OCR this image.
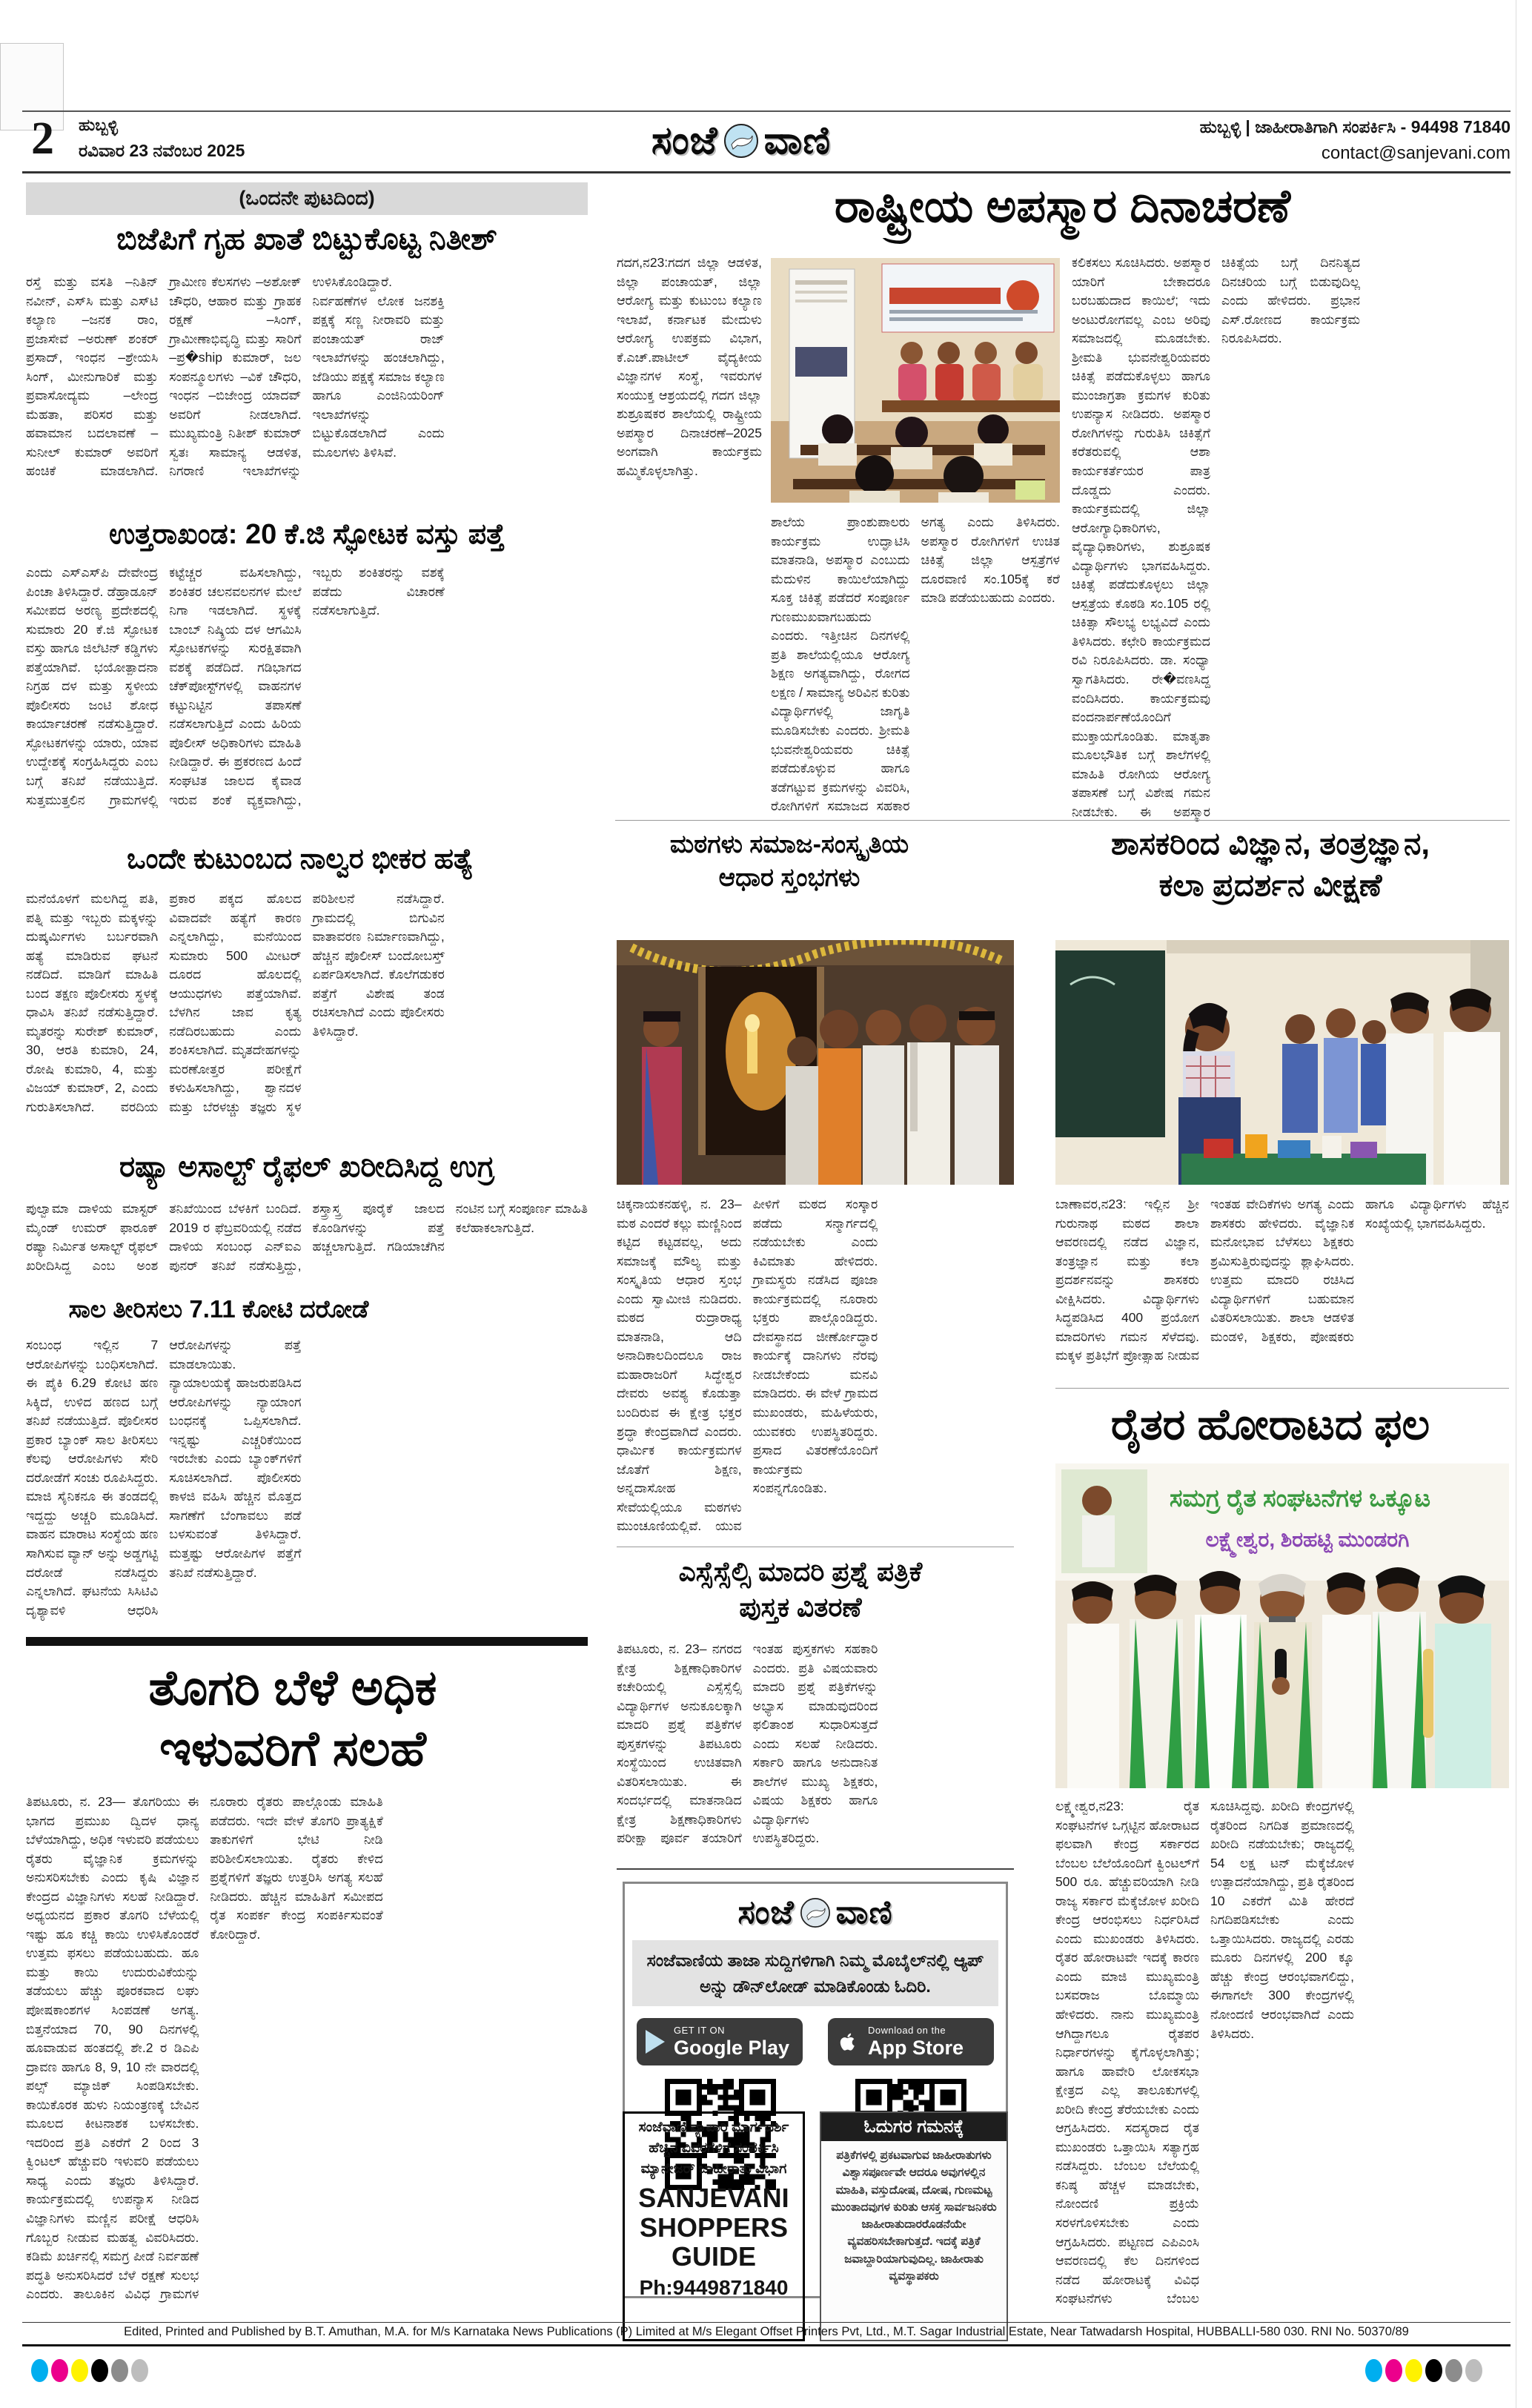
2 ಹುಬ್ಬಳ್ಳಿ
ರವಿವಾರ 23 ನವೆಂಬರ 2025	ಸಂಜೆ ವಾಣಿ	ಹುಬ್ಬಳ್ಳಿ | ಜಾಹೀರಾತಿಗಾಗಿ ಸಂಪರ್ಕಿಸಿ - 94498 71840
contact@sanjevani.com
(ಒಂದನೇ ಪುಟದಿಂದ)
ಬಿಜೆಪಿಗೆ ಗೃಹ ಖಾತೆ ಬಿಟ್ಟುಕೊಟ್ಟ ನಿತೀಶ್
ರಸ್ತೆ ಮತ್ತು ವಸತಿ –ನಿತಿನ್ ನವೀನ್, ಎಸ್‌ಸಿ ಮತ್ತು ಎಸ್‌ಟಿ ಕಲ್ಯಾಣ –ಜನಕ ರಾಂ, ಪ್ರಜಾಸೇವೆ –ಅರುಣ್ ಶಂಕರ್ ಪ್ರಸಾದ್, ಇಂಧನ –ಶ್ರೇಯಸಿ ಸಿಂಗ್, ಮೀನುಗಾರಿಕೆ ಮತ್ತು ಪ್ರವಾಸೋದ್ಯಮ –ಲೇಂದ್ರ ಮೆಹತಾ, ಪರಿಸರ ಮತ್ತು ಹವಾಮಾನ ಬದಲಾವಣೆ –ಸುನೀಲ್ ಕುಮಾರ್ ಅವರಿಗೆ ಹಂಚಿಕೆ ಮಾಡಲಾಗಿದೆ. ಗ್ರಾಮೀಣ ಕೆಲಸಗಳು –ಅಶೋಕ್ ಚೌಧರಿ, ಆಹಾರ ಮತ್ತು ಗ್ರಾಹಕ ರಕ್ಷಣೆ –ಸಿಂಗ್, ಗ್ರಾಮೀಣಾಭಿವೃದ್ಧಿ ಮತ್ತು ಸಾರಿಗೆ –ಪ್ರ�ship ಕುಮಾರ್, ಜಲ ಸಂಪನ್ಮೂಲಗಳು –ವಿಕೆ ಚೌಧರಿ, ಇಂಧನ –ಬಿಜೇಂದ್ರ ಯಾದವ್ ಅವರಿಗೆ ನೀಡಲಾಗಿದೆ. ಮುಖ್ಯಮಂತ್ರಿ ನಿತೀಶ್ ಕುಮಾರ್ ಸ್ವತಃ ಸಾಮಾನ್ಯ ಆಡಳಿತ, ನಿಗರಾಣಿ ಇಲಾಖೆಗಳನ್ನು ಉಳಿಸಿಕೊಂಡಿದ್ದಾರೆ. ನಿರ್ವಹಣೆಗಳ ಲೋಕ ಜನಶಕ್ತಿ ಪಕ್ಷಕ್ಕೆ ಸಣ್ಣ ನೀರಾವರಿ ಮತ್ತು ಪಂಚಾಯತ್ ರಾಜ್ ಇಲಾಖೆಗಳನ್ನು ಹಂಚಲಾಗಿದ್ದು, ಜೆಡಿಯು ಪಕ್ಷಕ್ಕೆ ಸಮಾಜ ಕಲ್ಯಾಣ ಹಾಗೂ ಎಂಜಿನಿಯರಿಂಗ್ ಇಲಾಖೆಗಳನ್ನು ಬಿಟ್ಟುಕೊಡಲಾಗಿದೆ ಎಂದು ಮೂಲಗಳು ತಿಳಿಸಿವೆ.
ಉತ್ತರಾಖಂಡ: 20 ಕೆ.ಜಿ ಸ್ಫೋಟಕ ವಸ್ತು ಪತ್ತೆ
ಎಂದು ಎಸ್‌ಎಸ್‌ಪಿ ದೇವೇಂದ್ರ ಪಿಂಚಾ ತಿಳಿಸಿದ್ದಾರೆ. ಡೆಹ್ರಾಡೂನ್ ಸಮೀಪದ ಅರಣ್ಯ ಪ್ರದೇಶದಲ್ಲಿ ಸುಮಾರು 20 ಕೆ.ಜಿ ಸ್ಫೋಟಕ ವಸ್ತು ಹಾಗೂ ಜಿಲೆಟಿನ್ ಕಡ್ಡಿಗಳು ಪತ್ತೆಯಾಗಿವೆ. ಭಯೋತ್ಪಾದನಾ ನಿಗ್ರಹ ದಳ ಮತ್ತು ಸ್ಥಳೀಯ ಪೊಲೀಸರು ಜಂಟಿ ಶೋಧ ಕಾರ್ಯಾಚರಣೆ ನಡೆಸುತ್ತಿದ್ದಾರೆ. ಸ್ಫೋಟಕಗಳನ್ನು ಯಾರು, ಯಾವ ಉದ್ದೇಶಕ್ಕೆ ಸಂಗ್ರಹಿಸಿದ್ದರು ಎಂಬ ಬಗ್ಗೆ ತನಿಖೆ ನಡೆಯುತ್ತಿದೆ. ಸುತ್ತಮುತ್ತಲಿನ ಗ್ರಾಮಗಳಲ್ಲಿ ಕಟ್ಟೆಚ್ಚರ ವಹಿಸಲಾಗಿದ್ದು, ಶಂಕಿತರ ಚಲನವಲನಗಳ ಮೇಲೆ ನಿಗಾ ಇಡಲಾಗಿದೆ. ಸ್ಥಳಕ್ಕೆ ಬಾಂಬ್ ನಿಷ್ಕ್ರಿಯ ದಳ ಆಗಮಿಸಿ ಸ್ಫೋಟಕಗಳನ್ನು ಸುರಕ್ಷಿತವಾಗಿ ವಶಕ್ಕೆ ಪಡೆದಿದೆ. ಗಡಿಭಾಗದ ಚೆಕ್‌ಪೋಸ್ಟ್‌ಗಳಲ್ಲಿ ವಾಹನಗಳ ಕಟ್ಟುನಿಟ್ಟಿನ ತಪಾಸಣೆ ನಡೆಸಲಾಗುತ್ತಿದೆ ಎಂದು ಹಿರಿಯ ಪೊಲೀಸ್ ಅಧಿಕಾರಿಗಳು ಮಾಹಿತಿ ನೀಡಿದ್ದಾರೆ. ಈ ಪ್ರಕರಣದ ಹಿಂದೆ ಸಂಘಟಿತ ಜಾಲದ ಕೈವಾಡ ಇರುವ ಶಂಕೆ ವ್ಯಕ್ತವಾಗಿದ್ದು, ಇಬ್ಬರು ಶಂಕಿತರನ್ನು ವಶಕ್ಕೆ ಪಡೆದು ವಿಚಾರಣೆ ನಡೆಸಲಾಗುತ್ತಿದೆ.
ಒಂದೇ ಕುಟುಂಬದ ನಾಲ್ವರ ಭೀಕರ ಹತ್ಯೆ
ಮನೆಯೊಳಗೆ ಮಲಗಿದ್ದ ಪತಿ, ಪತ್ನಿ ಮತ್ತು ಇಬ್ಬರು ಮಕ್ಕಳನ್ನು ದುಷ್ಕರ್ಮಿಗಳು ಬರ್ಬರವಾಗಿ ಹತ್ಯೆ ಮಾಡಿರುವ ಘಟನೆ ನಡೆದಿದೆ. ಮಾಡಿಗೆ ಮಾಹಿತಿ ಬಂದ ತಕ್ಷಣ ಪೊಲೀಸರು ಸ್ಥಳಕ್ಕೆ ಧಾವಿಸಿ ತನಿಖೆ ನಡೆಸುತ್ತಿದ್ದಾರೆ. ಮೃತರನ್ನು ಸುರೇಶ್ ಕುಮಾರ್, 30, ಆರತಿ ಕುಮಾರಿ, 24, ರೋಷಿ ಕುಮಾರಿ, 4, ಮತ್ತು ವಿಜಯ್ ಕುಮಾರ್, 2, ಎಂದು ಗುರುತಿಸಲಾಗಿದೆ. ವರದಿಯ ಪ್ರಕಾರ ಪಕ್ಕದ ಹೊಲದ ವಿವಾದವೇ ಹತ್ಯೆಗೆ ಕಾರಣ ಎನ್ನಲಾಗಿದ್ದು, ಮನೆಯಿಂದ ಸುಮಾರು 500 ಮೀಟರ್ ದೂರದ ಹೊಲದಲ್ಲಿ ಆಯುಧಗಳು ಪತ್ತೆಯಾಗಿವೆ. ಬೆಳಗಿನ ಜಾವ ಕೃತ್ಯ ನಡೆದಿರಬಹುದು ಎಂದು ಶಂಕಿಸಲಾಗಿದೆ. ಮೃತದೇಹಗಳನ್ನು ಮರಣೋತ್ತರ ಪರೀಕ್ಷೆಗೆ ಕಳುಹಿಸಲಾಗಿದ್ದು, ಶ್ವಾನದಳ ಮತ್ತು ಬೆರಳಚ್ಚು ತಜ್ಞರು ಸ್ಥಳ ಪರಿಶೀಲನೆ ನಡೆಸಿದ್ದಾರೆ. ಗ್ರಾಮದಲ್ಲಿ ಬಿಗುವಿನ ವಾತಾವರಣ ನಿರ್ಮಾಣವಾಗಿದ್ದು, ಹೆಚ್ಚಿನ ಪೊಲೀಸ್ ಬಂದೋಬಸ್ತ್ ಏರ್ಪಡಿಸಲಾಗಿದೆ. ಕೊಲೆಗಡುಕರ ಪತ್ತೆಗೆ ವಿಶೇಷ ತಂಡ ರಚಿಸಲಾಗಿದೆ ಎಂದು ಪೊಲೀಸರು ತಿಳಿಸಿದ್ದಾರೆ.
ರಷ್ಯಾ ಅಸಾಲ್ಟ್ ರೈಫಲ್ ಖರೀದಿಸಿದ್ದ ಉಗ್ರ
ಪುಲ್ವಾಮಾ ದಾಳಿಯ ಮಾಸ್ಟರ್ ಮೈಂಡ್ ಉಮರ್ ಫಾರೂಕ್ ರಷ್ಯಾ ನಿರ್ಮಿತ ಅಸಾಲ್ಟ್ ರೈಫಲ್ ಖರೀದಿಸಿದ್ದ ಎಂಬ ಅಂಶ ತನಿಖೆಯಿಂದ ಬೆಳಕಿಗೆ ಬಂದಿದೆ. 2019 ರ ಫೆಬ್ರವರಿಯಲ್ಲಿ ನಡೆದ ದಾಳಿಯ ಸಂಬಂಧ ಎನ್‌ಐಎ ಪುನರ್ ತನಿಖೆ ನಡೆಸುತ್ತಿದ್ದು, ಶಸ್ತ್ರಾಸ್ತ್ರ ಪೂರೈಕೆ ಜಾಲದ ಕೊಂಡಿಗಳನ್ನು ಪತ್ತೆ ಹಚ್ಚಲಾಗುತ್ತಿದೆ. ಗಡಿಯಾಚೆಗಿನ ನಂಟಿನ ಬಗ್ಗೆ ಸಂಪೂರ್ಣ ಮಾಹಿತಿ ಕಲೆಹಾಕಲಾಗುತ್ತಿದೆ.
ಸಾಲ ತೀರಿಸಲು 7.11 ಕೋಟಿ ದರೋಡೆ
ಸಂಬಂಧ ಇಲ್ಲಿನ 7 ಆರೋಪಿಗಳನ್ನು ಬಂಧಿಸಲಾಗಿದೆ. ಈ ಪೈಕಿ 6.29 ಕೋಟಿ ಹಣ ಸಿಕ್ಕಿದೆ, ಉಳಿದ ಹಣದ ಬಗ್ಗೆ ತನಿಖೆ ನಡೆಯುತ್ತಿದೆ. ಪೊಲೀಸರ ಪ್ರಕಾರ ಬ್ಯಾಂಕ್ ಸಾಲ ತೀರಿಸಲು ಕೆಲವು ಆರೋಪಿಗಳು ಸೇರಿ ದರೋಡೆಗೆ ಸಂಚು ರೂಪಿಸಿದ್ದರು. ಮಾಜಿ ಸೈನಿಕನೂ ಈ ತಂಡದಲ್ಲಿ ಇದ್ದದ್ದು ಅಚ್ಚರಿ ಮೂಡಿಸಿದೆ. ವಾಹನ ಮಾರಾಟ ಸಂಸ್ಥೆಯ ಹಣ ಸಾಗಿಸುವ ವ್ಯಾನ್ ಅನ್ನು ಅಡ್ಡಗಟ್ಟಿ ದರೋಡೆ ನಡೆಸಿದ್ದರು ಎನ್ನಲಾಗಿದೆ. ಘಟನೆಯ ಸಿಸಿಟಿವಿ ದೃಶ್ಯಾವಳಿ ಆಧರಿಸಿ ಆರೋಪಿಗಳನ್ನು ಪತ್ತೆ ಮಾಡಲಾಯಿತು. ನ್ಯಾಯಾಲಯಕ್ಕೆ ಹಾಜರುಪಡಿಸಿದ ಆರೋಪಿಗಳನ್ನು ನ್ಯಾಯಾಂಗ ಬಂಧನಕ್ಕೆ ಒಪ್ಪಿಸಲಾಗಿದೆ. ಇನ್ನಷ್ಟು ಎಚ್ಚರಿಕೆಯಿಂದ ಇರಬೇಕು ಎಂದು ಬ್ಯಾಂಕ್‌ಗಳಿಗೆ ಸೂಚಿಸಲಾಗಿದೆ. ಪೊಲೀಸರು ಕಾಳಜಿ ವಹಿಸಿ ಹೆಚ್ಚಿನ ಮೊತ್ತದ ಸಾಗಣೆಗೆ ಬೆಂಗಾವಲು ಪಡೆ ಬಳಸುವಂತೆ ತಿಳಿಸಿದ್ದಾರೆ. ಮತ್ತಷ್ಟು ಆರೋಪಿಗಳ ಪತ್ತೆಗೆ ತನಿಖೆ ನಡೆಸುತ್ತಿದ್ದಾರೆ.
ತೊಗರಿ ಬೆಳೆ ಅಧಿಕ
ಇಳುವರಿಗೆ ಸಲಹೆ
ತಿಪಟೂರು, ನ. 23— ತೊಗರಿಯು ಈ ಭಾಗದ ಪ್ರಮುಖ ದ್ವಿದಳ ಧಾನ್ಯ ಬೆಳೆಯಾಗಿದ್ದು, ಅಧಿಕ ಇಳುವರಿ ಪಡೆಯಲು ರೈತರು ವೈಜ್ಞಾನಿಕ ಕ್ರಮಗಳನ್ನು ಅನುಸರಿಸಬೇಕು ಎಂದು ಕೃಷಿ ವಿಜ್ಞಾನ ಕೇಂದ್ರದ ವಿಜ್ಞಾನಿಗಳು ಸಲಹೆ ನೀಡಿದ್ದಾರೆ. ಅಧ್ಯಯನದ ಪ್ರಕಾರ ತೊಗರಿ ಬೆಳೆಯಲ್ಲಿ ಇಷ್ಟು ಹೂ ಕಚ್ಚಿ ಕಾಯಿ ಉಳಿಸಿಕೊಂಡರೆ ಉತ್ತಮ ಫಸಲು ಪಡೆಯಬಹುದು. ಹೂ ಮತ್ತು ಕಾಯಿ ಉದುರುವಿಕೆಯನ್ನು ತಡೆಯಲು ಹೆಚ್ಚು ಪೂರಕವಾದ ಲಘು ಪೋಷಕಾಂಶಗಳ ಸಿಂಪಡಣೆ ಅಗತ್ಯ. ಬಿತ್ತನೆಯಾದ 70, 90 ದಿನಗಳಲ್ಲಿ ಹೂವಾಡುವ ಹಂತದಲ್ಲಿ ಶೇ.2 ರ ಡಿಎಪಿ ದ್ರಾವಣ ಹಾಗೂ 8, 9, 10 ನೇ ವಾರದಲ್ಲಿ ಪಲ್ಸ್ ಮ್ಯಾಜಿಕ್ ಸಿಂಪಡಿಸಬೇಕು. ಕಾಯಿಕೊರಕ ಹುಳು ನಿಯಂತ್ರಣಕ್ಕೆ ಬೇವಿನ ಮೂಲದ ಕೀಟನಾಶಕ ಬಳಸಬೇಕು. ಇದರಿಂದ ಪ್ರತಿ ಎಕರೆಗೆ 2 ರಿಂದ 3 ಕ್ವಿಂಟಲ್ ಹೆಚ್ಚುವರಿ ಇಳುವರಿ ಪಡೆಯಲು ಸಾಧ್ಯ ಎಂದು ತಜ್ಞರು ತಿಳಿಸಿದ್ದಾರೆ. ಕಾರ್ಯಕ್ರಮದಲ್ಲಿ ಉಪನ್ಯಾಸ ನೀಡಿದ ವಿಜ್ಞಾನಿಗಳು ಮಣ್ಣಿನ ಪರೀಕ್ಷೆ ಆಧರಿಸಿ ಗೊಬ್ಬರ ನೀಡುವ ಮಹತ್ವ ವಿವರಿಸಿದರು. ಕಡಿಮೆ ಖರ್ಚಿನಲ್ಲಿ ಸಮಗ್ರ ಪೀಡೆ ನಿರ್ವಹಣೆ ಪದ್ಧತಿ ಅನುಸರಿಸಿದರೆ ಬೆಳೆ ರಕ್ಷಣೆ ಸುಲಭ ಎಂದರು. ತಾಲೂಕಿನ ವಿವಿಧ ಗ್ರಾಮಗಳ ನೂರಾರು ರೈತರು ಪಾಲ್ಗೊಂಡು ಮಾಹಿತಿ ಪಡೆದರು. ಇದೇ ವೇಳೆ ತೊಗರಿ ಪ್ರಾತ್ಯಕ್ಷಿಕೆ ತಾಕುಗಳಿಗೆ ಭೇಟಿ ನೀಡಿ ಪರಿಶೀಲಿಸಲಾಯಿತು. ರೈತರು ಕೇಳಿದ ಪ್ರಶ್ನೆಗಳಿಗೆ ತಜ್ಞರು ಉತ್ತರಿಸಿ ಅಗತ್ಯ ಸಲಹೆ ನೀಡಿದರು. ಹೆಚ್ಚಿನ ಮಾಹಿತಿಗೆ ಸಮೀಪದ ರೈತ ಸಂಪರ್ಕ ಕೇಂದ್ರ ಸಂಪರ್ಕಿಸುವಂತೆ ಕೋರಿದ್ದಾರೆ.
ರಾಷ್ಟ್ರೀಯ ಅಪಸ್ಮಾರ ದಿನಾಚರಣೆ
ಗದಗ,ನ23:ಗದಗ ಜಿಲ್ಲಾ ಆಡಳಿತ, ಜಿಲ್ಲಾ ಪಂಚಾಯತ್, ಜಿಲ್ಲಾ ಆರೋಗ್ಯ ಮತ್ತು ಕುಟುಂಬ ಕಲ್ಯಾಣ ಇಲಾಖೆ, ಕರ್ನಾಟಕ ಮೇದುಳು ಆರೋಗ್ಯ ಉಪಕ್ರಮ ವಿಭಾಗ, ಕೆ.ಎಚ್.ಪಾಟೀಲ್ ವೈದ್ಯಕೀಯ ವಿಜ್ಞಾನಗಳ ಸಂಸ್ಥೆ, ಇವರುಗಳ ಸಂಯುಕ್ತ ಆಶ್ರಯದಲ್ಲಿ ಗದಗ ಜಿಲ್ಲಾ ಶುಶ್ರೂಷಕರ ಶಾಲೆಯಲ್ಲಿ ರಾಷ್ಟ್ರೀಯ ಅಪಸ್ಮಾರ ದಿನಾಚರಣೆ–2025 ಅಂಗವಾಗಿ ಕಾರ್ಯಕ್ರಮ ಹಮ್ಮಿಕೊಳ್ಳಲಾಗಿತ್ತು.
ಶಾಲೆಯ ಪ್ರಾಂಶುಪಾಲರು ಕಾರ್ಯಕ್ರಮ ಉದ್ಘಾಟಿಸಿ ಮಾತನಾಡಿ, ಅಪಸ್ಮಾರ ಎಂಬುದು ಮೆದುಳಿನ ಕಾಯಿಲೆಯಾಗಿದ್ದು ಸೂಕ್ತ ಚಿಕಿತ್ಸೆ ಪಡೆದರೆ ಸಂಪೂರ್ಣ ಗುಣಮುಖವಾಗಬಹುದು ಎಂದರು. ಇತ್ತೀಚಿನ ದಿನಗಳಲ್ಲಿ ಪ್ರತಿ ಶಾಲೆಯಲ್ಲಿಯೂ ಆರೋಗ್ಯ ಶಿಕ್ಷಣ ಅಗತ್ಯವಾಗಿದ್ದು, ರೋಗದ ಲಕ್ಷಣ / ಸಾಮಾನ್ಯ ಅರಿವಿನ ಕುರಿತು ವಿದ್ಯಾರ್ಥಿಗಳಲ್ಲಿ ಜಾಗೃತಿ ಮೂಡಿಸಬೇಕು ಎಂದರು. ಶ್ರೀಮತಿ ಭುವನೇಶ್ವರಿಯವರು ಚಿಕಿತ್ಸೆ ಪಡೆದುಕೊಳ್ಳುವ ಹಾಗೂ ತಡೆಗಟ್ಟುವ ಕ್ರಮಗಳನ್ನು ವಿವರಿಸಿ, ರೋಗಿಗಳಿಗೆ ಸಮಾಜದ ಸಹಕಾರ ಅಗತ್ಯ ಎಂದು ತಿಳಿಸಿದರು. ಅಪಸ್ಮಾರ ರೋಗಿಗಳಿಗೆ ಉಚಿತ ಚಿಕಿತ್ಸೆ ಜಿಲ್ಲಾ ಆಸ್ಪತ್ರೆಗಳ ದೂರವಾಣಿ ಸಂ.105ಕ್ಕೆ ಕರೆ ಮಾಡಿ ಪಡೆಯಬಹುದು ಎಂದರು.
ಕಲಿಕಸಲು ಸೂಚಿಸಿದರು. ಅಪಸ್ಮಾರ ಯಾರಿಗೆ ಬೇಕಾದರೂ ಬರಬಹುದಾದ ಕಾಯಿಲೆ; ಇದು ಅಂಟುರೋಗವಲ್ಲ ಎಂಬ ಅರಿವು ಸಮಾಜದಲ್ಲಿ ಮೂಡಬೇಕು. ಶ್ರೀಮತಿ ಭುವನೇಶ್ವರಿಯವರು ಚಿಕಿತ್ಸೆ ಪಡೆದುಕೊಳ್ಳಲು ಹಾಗೂ ಮುಂಜಾಗ್ರತಾ ಕ್ರಮಗಳ ಕುರಿತು ಉಪನ್ಯಾಸ ನೀಡಿದರು. ಅಪಸ್ಮಾರ ರೋಗಿಗಳನ್ನು ಗುರುತಿಸಿ ಚಿಕಿತ್ಸೆಗೆ ಕರೆತರುವಲ್ಲಿ ಆಶಾ ಕಾರ್ಯಕರ್ತೆಯರ ಪಾತ್ರ ದೊಡ್ಡದು ಎಂದರು. ಕಾರ್ಯಕ್ರಮದಲ್ಲಿ ಜಿಲ್ಲಾ ಆರೋಗ್ಯಾಧಿಕಾರಿಗಳು, ವೈದ್ಯಾಧಿಕಾರಿಗಳು, ಶುಶ್ರೂಷಕ ವಿದ್ಯಾರ್ಥಿಗಳು ಭಾಗವಹಿಸಿದ್ದರು. ಚಿಕಿತ್ಸೆ ಪಡೆದುಕೊಳ್ಳಲು ಜಿಲ್ಲಾ ಆಸ್ಪತ್ರೆಯ ಕೊಠಡಿ ಸಂ.105 ರಲ್ಲಿ ಚಿಕಿತ್ಸಾ ಸೌಲಭ್ಯ ಲಭ್ಯವಿದೆ ಎಂದು ತಿಳಿಸಿದರು. ಕಛೇರಿ ಕಾರ್ಯಕ್ರಮದ ರವಿ ನಿರೂಪಿಸಿದರು. ಡಾ. ಸಂಧ್ಯಾ ಸ್ವಾಗತಿಸಿದರು. ರೇ�ವಣಸಿದ್ದ ವಂದಿಸಿದರು. ಕಾರ್ಯಕ್ರಮವು ವಂದನಾರ್ಪಣೆಯೊಂದಿಗೆ ಮುಕ್ತಾಯಗೊಂಡಿತು. ಮಾತೃತಾ ಮೂಲಭೌತಿಕ ಬಗ್ಗೆ ಶಾಲೆಗಳಲ್ಲಿ ಮಾಹಿತಿ ರೋಗಿಯ ಆರೋಗ್ಯ ತಪಾಸಣೆ ಬಗ್ಗೆ ವಿಶೇಷ ಗಮನ ನೀಡಬೇಕು. ಈ ಅಪಸ್ಮಾರ ಚಿಕಿತ್ಸೆಯ ಬಗ್ಗೆ ದಿನನಿತ್ಯದ ದಿನಚರಿಯ ಬಗ್ಗೆ ಬಿಡುವುದಿಲ್ಲ ಎಂದು ಹೇಳಿದರು. ಪ್ರಭಾನ ಎಸ್.ರೋಣದ ಕಾರ್ಯಕ್ರಮ ನಿರೂಪಿಸಿದರು.
ಮಠಗಳು ಸಮಾಜ-ಸಂಸ್ಕೃತಿಯ
ಆಧಾರ ಸ್ತಂಭಗಳು
ಚಿಕ್ಕನಾಯಕನಹಳ್ಳಿ, ನ. 23– ಮಠ ಎಂದರೆ ಕಲ್ಲು ಮಣ್ಣಿನಿಂದ ಕಟ್ಟಿದ ಕಟ್ಟಡವಲ್ಲ, ಅದು ಸಮಾಜಕ್ಕೆ ಮೌಲ್ಯ ಮತ್ತು ಸಂಸ್ಕೃತಿಯ ಆಧಾರ ಸ್ತಂಭ ಎಂದು ಸ್ವಾಮೀಜಿ ನುಡಿದರು. ಮಠದ ರುದ್ರಾರಾಧ್ಯ ಮಾತನಾಡಿ, ಆದಿ ಅನಾದಿಕಾಲದಿಂದಲೂ ರಾಜ ಮಹಾರಾಜರಿಗೆ ಸಿದ್ಧೇಶ್ವರ ದೇವರು ಅವಶ್ಯ ಕೊಡುತ್ತಾ ಬಂದಿರುವ ಈ ಕ್ಷೇತ್ರ ಭಕ್ತರ ಶ್ರದ್ಧಾ ಕೇಂದ್ರವಾಗಿದೆ ಎಂದರು. ಧಾರ್ಮಿಕ ಕಾರ್ಯಕ್ರಮಗಳ ಜೊತೆಗೆ ಶಿಕ್ಷಣ, ಅನ್ನದಾಸೋಹ ಸೇವೆಯಲ್ಲಿಯೂ ಮಠಗಳು ಮುಂಚೂಣಿಯಲ್ಲಿವೆ. ಯುವ ಪೀಳಿಗೆ ಮಠದ ಸಂಸ್ಕಾರ ಪಡೆದು ಸನ್ಮಾರ್ಗದಲ್ಲಿ ನಡೆಯಬೇಕು ಎಂದು ಕಿವಿಮಾತು ಹೇಳಿದರು. ಗ್ರಾಮಸ್ಥರು ನಡೆಸಿದ ಪೂಜಾ ಕಾರ್ಯಕ್ರಮದಲ್ಲಿ ನೂರಾರು ಭಕ್ತರು ಪಾಲ್ಗೊಂಡಿದ್ದರು. ದೇವಸ್ಥಾನದ ಜೀರ್ಣೋದ್ಧಾರ ಕಾರ್ಯಕ್ಕೆ ದಾನಿಗಳು ನೆರವು ನೀಡಬೇಕೆಂದು ಮನವಿ ಮಾಡಿದರು. ಈ ವೇಳೆ ಗ್ರಾಮದ ಮುಖಂಡರು, ಮಹಿಳೆಯರು, ಯುವಕರು ಉಪಸ್ಥಿತರಿದ್ದರು. ಪ್ರಸಾದ ವಿತರಣೆಯೊಂದಿಗೆ ಕಾರ್ಯಕ್ರಮ ಸಂಪನ್ನಗೊಂಡಿತು.
ಎಸ್ಸೆಸ್ಸೆಲ್ಸಿ ಮಾದರಿ ಪ್ರಶ್ನೆ ಪತ್ರಿಕೆ
ಪುಸ್ತಕ ವಿತರಣೆ
ತಿಪಟೂರು, ನ. 23– ನಗರದ ಕ್ಷೇತ್ರ ಶಿಕ್ಷಣಾಧಿಕಾರಿಗಳ ಕಚೇರಿಯಲ್ಲಿ ಎಸ್ಸೆಸ್ಸೆಲ್ಸಿ ವಿದ್ಯಾರ್ಥಿಗಳ ಅನುಕೂಲಕ್ಕಾಗಿ ಮಾದರಿ ಪ್ರಶ್ನೆ ಪತ್ರಿಕೆಗಳ ಪುಸ್ತಕಗಳನ್ನು ತಿಪಟೂರು ಸಂಸ್ಥೆಯಿಂದ ಉಚಿತವಾಗಿ ವಿತರಿಸಲಾಯಿತು. ಈ ಸಂದರ್ಭದಲ್ಲಿ ಮಾತನಾಡಿದ ಕ್ಷೇತ್ರ ಶಿಕ್ಷಣಾಧಿಕಾರಿಗಳು ಪರೀಕ್ಷಾ ಪೂರ್ವ ತಯಾರಿಗೆ ಇಂತಹ ಪುಸ್ತಕಗಳು ಸಹಕಾರಿ ಎಂದರು. ಪ್ರತಿ ವಿಷಯವಾರು ಮಾದರಿ ಪ್ರಶ್ನೆ ಪತ್ರಿಕೆಗಳನ್ನು ಅಭ್ಯಾಸ ಮಾಡುವುದರಿಂದ ಫಲಿತಾಂಶ ಸುಧಾರಿಸುತ್ತದೆ ಎಂದು ಸಲಹೆ ನೀಡಿದರು. ಸರ್ಕಾರಿ ಹಾಗೂ ಅನುದಾನಿತ ಶಾಲೆಗಳ ಮುಖ್ಯ ಶಿಕ್ಷಕರು, ವಿಷಯ ಶಿಕ್ಷಕರು ಹಾಗೂ ವಿದ್ಯಾರ್ಥಿಗಳು ಉಪಸ್ಥಿತರಿದ್ದರು.
ಸಂಜೆ ವಾಣಿ
ಸಂಜೆವಾಣಿಯ ತಾಜಾ ಸುದ್ದಿಗಳಿಗಾಗಿ ನಿಮ್ಮ ಮೊಬೈಲ್‌ನಲ್ಲಿ ಆ್ಯಪ್ ಅನ್ನು ಡೌನ್‌ಲೋಡ್ ಮಾಡಿಕೊಂಡು ಓದಿರಿ.
GET IT ON
Google Play
Download on the
App Store
ಸಂಜೆವಾಣಿ ವ್ಯಾಪಾರಿ ಮಾರ್ಗದರ್ಶಿ
ಹೆಚ್ಚಿನ ವಿವರಗಳಿಗೆ ಸಂಪರ್ಕಿಸಿ
ಮ್ಯಾನೇಜರ್ ಜಾಹೀರಾತು ವಿಭಾಗ
SANJEVANI
SHOPPERS
GUIDE
Ph:9449871840
ಓದುಗರ ಗಮನಕ್ಕೆ
ಪತ್ರಿಕೆಗಳಲ್ಲಿ ಪ್ರಕಟವಾಗುವ ಜಾಹೀರಾತುಗಳು ವಿಶ್ವಾಸಪೂರ್ಣವೇ ಆದರೂ ಅವುಗಳಲ್ಲಿನ ಮಾಹಿತಿ, ವಸ್ತುದೋಷ, ದೋಷ, ಗುಣಮಟ್ಟ ಮುಂತಾದವುಗಳ ಕುರಿತು ಆಸಕ್ತ ಸಾರ್ವಜನಿಕರು ಜಾಹೀರಾತುದಾರರೊಡನೆಯೇ ವ್ಯವಹರಿಸಬೇಕಾಗುತ್ತದೆ. ಇದಕ್ಕೆ ಪತ್ರಿಕೆ ಜವಾಬ್ದಾರಿಯಾಗುವುದಿಲ್ಲ. ಜಾಹೀರಾತು ವ್ಯವಸ್ಥಾಪಕರು
ಶಾಸಕರಿಂದ ವಿಜ್ಞಾನ, ತಂತ್ರಜ್ಞಾನ,
ಕಲಾ ಪ್ರದರ್ಶನ ವೀಕ್ಷಣೆ
ಬಾಣಾವರ,ನ23: ಇಲ್ಲಿನ ಶ್ರೀ ಗುರುನಾಥ ಮಠದ ಶಾಲಾ ಆವರಣದಲ್ಲಿ ನಡೆದ ವಿಜ್ಞಾನ, ತಂತ್ರಜ್ಞಾನ ಮತ್ತು ಕಲಾ ಪ್ರದರ್ಶನವನ್ನು ಶಾಸಕರು ವೀಕ್ಷಿಸಿದರು. ವಿದ್ಯಾರ್ಥಿಗಳು ಸಿದ್ಧಪಡಿಸಿದ 400 ಪ್ರಯೋಗ ಮಾದರಿಗಳು ಗಮನ ಸೆಳೆದವು. ಮಕ್ಕಳ ಪ್ರತಿಭೆಗೆ ಪ್ರೋತ್ಸಾಹ ನೀಡುವ ಇಂತಹ ವೇದಿಕೆಗಳು ಅಗತ್ಯ ಎಂದು ಶಾಸಕರು ಹೇಳಿದರು. ವೈಜ್ಞಾನಿಕ ಮನೋಭಾವ ಬೆಳೆಸಲು ಶಿಕ್ಷಕರು ಶ್ರಮಿಸುತ್ತಿರುವುದನ್ನು ಶ್ಲಾಘಿಸಿದರು. ಉತ್ತಮ ಮಾದರಿ ರಚಿಸಿದ ವಿದ್ಯಾರ್ಥಿಗಳಿಗೆ ಬಹುಮಾನ ವಿತರಿಸಲಾಯಿತು. ಶಾಲಾ ಆಡಳಿತ ಮಂಡಳಿ, ಶಿಕ್ಷಕರು, ಪೋಷಕರು ಹಾಗೂ ವಿದ್ಯಾರ್ಥಿಗಳು ಹೆಚ್ಚಿನ ಸಂಖ್ಯೆಯಲ್ಲಿ ಭಾಗವಹಿಸಿದ್ದರು.
ರೈತರ ಹೋರಾಟದ ಫಲ
ಸಮಗ್ರ ರೈತ ಸಂಘಟನೆಗಳ ಒಕ್ಕೂಟ
ಲಕ್ಷ್ಮೇಶ್ವರ, ಶಿರಹಟ್ಟಿ ಮುಂಡರಗಿ
ಲಕ್ಷ್ಮೇಶ್ವರ,ನ23: ರೈತ ಸಂಘಟನೆಗಳ ಒಗ್ಗಟ್ಟಿನ ಹೋರಾಟದ ಫಲವಾಗಿ ಕೇಂದ್ರ ಸರ್ಕಾರದ ಬೆಂಬಲ ಬೆಲೆಯೊಂದಿಗೆ ಕ್ವಿಂಟಲ್‌ಗೆ 500 ರೂ. ಹೆಚ್ಚುವರಿಯಾಗಿ ನೀಡಿ ರಾಜ್ಯ ಸರ್ಕಾರ ಮೆಕ್ಕೆಜೋಳ ಖರೀದಿ ಕೇಂದ್ರ ಆರಂಭಿಸಲು ನಿರ್ಧರಿಸಿದೆ ಎಂದು ಮುಖಂಡರು ತಿಳಿಸಿದರು. ರೈತರ ಹೋರಾಟವೇ ಇದಕ್ಕೆ ಕಾರಣ ಎಂದು ಮಾಜಿ ಮುಖ್ಯಮಂತ್ರಿ ಬಸವರಾಜ ಬೊಮ್ಮಾಯಿ ಹೇಳಿದರು. ನಾನು ಮುಖ್ಯಮಂತ್ರಿ ಆಗಿದ್ದಾಗಲೂ ರೈತಪರ ನಿರ್ಧಾರಗಳನ್ನು ಕೈಗೊಳ್ಳಲಾಗಿತ್ತು; ಹಾಗೂ ಹಾವೇರಿ ಲೋಕಸಭಾ ಕ್ಷೇತ್ರದ ಎಲ್ಲ ತಾಲೂಕುಗಳಲ್ಲಿ ಖರೀದಿ ಕೇಂದ್ರ ತೆರೆಯಬೇಕು ಎಂದು ಆಗ್ರಹಿಸಿದರು. ಸದಸ್ಯರಾದ ರೈತ ಮುಖಂಡರು ಒತ್ತಾಯಿಸಿ ಸತ್ಯಾಗ್ರಹ ನಡೆಸಿದ್ದರು. ಬೆಂಬಲ ಬೆಲೆಯಲ್ಲಿ ಕನಿಷ್ಠ ಹೆಚ್ಚಳ ಮಾಡಬೇಕು, ನೋಂದಣಿ ಪ್ರಕ್ರಿಯೆ ಸರಳಗೊಳಿಸಬೇಕು ಎಂದು ಆಗ್ರಹಿಸಿದರು. ಪಟ್ಟಣದ ಎಪಿಎಂಸಿ ಆವರಣದಲ್ಲಿ ಕೆಲ ದಿನಗಳಿಂದ ನಡೆದ ಹೋರಾಟಕ್ಕೆ ವಿವಿಧ ಸಂಘಟನೆಗಳು ಬೆಂಬಲ ಸೂಚಿಸಿದ್ದವು. ಖರೀದಿ ಕೇಂದ್ರಗಳಲ್ಲಿ ರೈತರಿಂದ ನಿಗದಿತ ಪ್ರಮಾಣದಲ್ಲಿ ಖರೀದಿ ನಡೆಯಬೇಕು; ರಾಜ್ಯದಲ್ಲಿ 54 ಲಕ್ಷ ಟನ್ ಮೆಕ್ಕೆಜೋಳ ಉತ್ಪಾದನೆಯಾಗಿದ್ದು, ಪ್ರತಿ ರೈತರಿಂದ 10 ಎಕರೆಗೆ ಮಿತಿ ಹೇರದೆ ನಿಗದಿಪಡಿಸಬೇಕು ಎಂದು ಒತ್ತಾಯಿಸಿದರು. ರಾಜ್ಯದಲ್ಲಿ ಎರಡು ಮೂರು ದಿನಗಳಲ್ಲಿ 200 ಕ್ಕೂ ಹೆಚ್ಚು ಕೇಂದ್ರ ಆರಂಭವಾಗಲಿದ್ದು, ಈಗಾಗಲೇ 300 ಕೇಂದ್ರಗಳಲ್ಲಿ ನೋಂದಣಿ ಆರಂಭವಾಗಿದೆ ಎಂದು ತಿಳಿಸಿದರು.
Edited, Printed and Published by B.T. Amuthan, M.A. for M/s Karnataka News Publications (P) Limited at M/s Elegant Offset Printers Pvt, Ltd., M.T. Sagar Industrial Estate, Near Tatwadarsh Hospital, HUBBALLI-580 030. RNI No. 50370/89
